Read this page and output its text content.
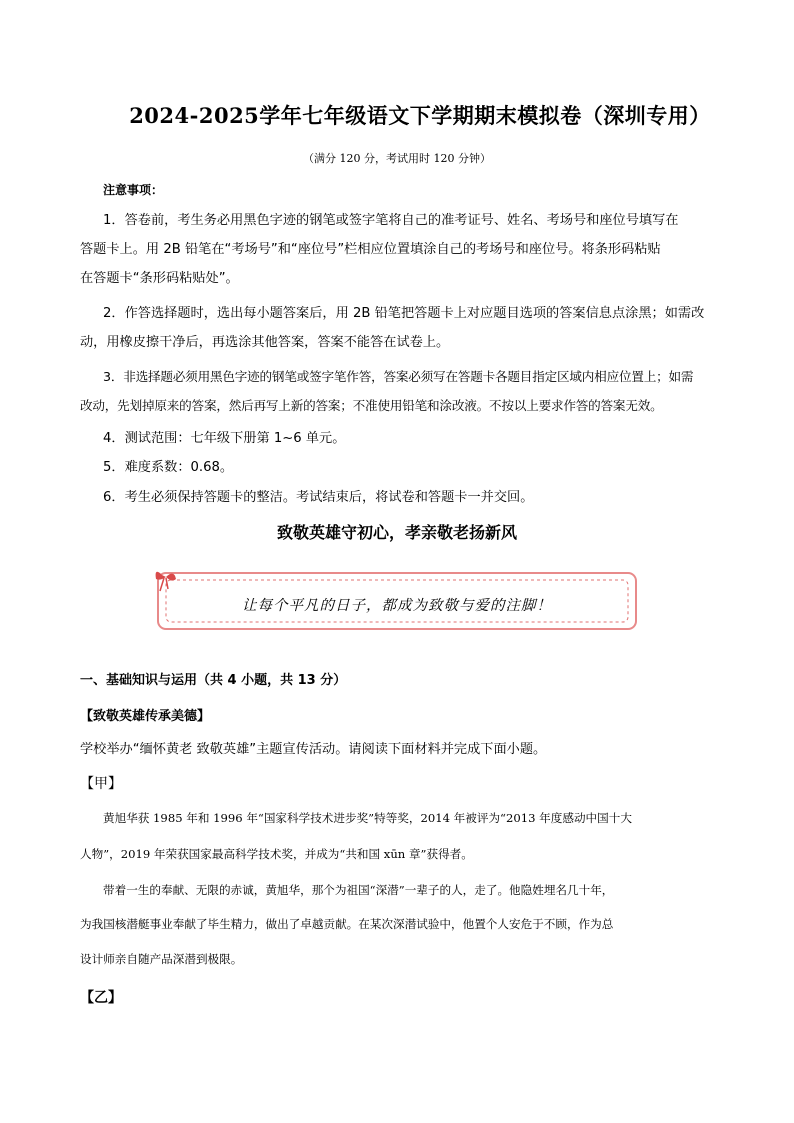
2024-2025学年七年级语文下学期期末模拟卷（深圳专用）
（满分 120 分，考试用时 120 分钟）
注意事项：
1．答卷前，考生务必用黑色字迹的钢笔或签字笔将自己的准考证号、姓名、考场号和座位号填写在
答题卡上。用 2B 铅笔在“考场号”和“座位号”栏相应位置填涂自己的考场号和座位号。将条形码粘贴
在答题卡“条形码粘贴处”。
2．作答选择题时，选出每小题答案后，用 2B 铅笔把答题卡上对应题目选项的答案信息点涂黑；如需改
动，用橡皮擦干净后，再选涂其他答案，答案不能答在试卷上。
3．非选择题必须用黑色字迹的钢笔或签字笔作答，答案必须写在答题卡各题目指定区域内相应位置上；如需
改动，先划掉原来的答案，然后再写上新的答案；不准使用铅笔和涂改液。不按以上要求作答的答案无效。
4．测试范围：七年级下册第 1~6 单元。
5．难度系数：0.68。
6．考生必须保持答题卡的整洁。考试结束后，将试卷和答题卡一并交回。
致敬英雄守初心，孝亲敬老扬新风
让每个平凡的日子，都成为致敬与爱的注脚！
一、基础知识与运用（共 4 小题，共 13 分）
【致敬英雄传承美德】
学校举办“缅怀黄老 致敬英雄”主题宣传活动。请阅读下面材料并完成下面小题。
【甲】
黄旭华获 1985 年和 1996 年“国家科学技术进步奖”特等奖，2014 年被评为“2013 年度感动中国十大
人物”，2019 年荣获国家最高科学技术奖，并成为“共和国 xūn 章”获得者。
带着一生的奉献、无限的赤诚，黄旭华，那个为祖国“深潜”一辈子的人，走了。他隐姓埋名几十年，
为我国核潜艇事业奉献了毕生精力，做出了卓越贡献。在某次深潜试验中，他置个人安危于不顾，作为总
设计师亲自随产品深潜到极限。
【乙】
